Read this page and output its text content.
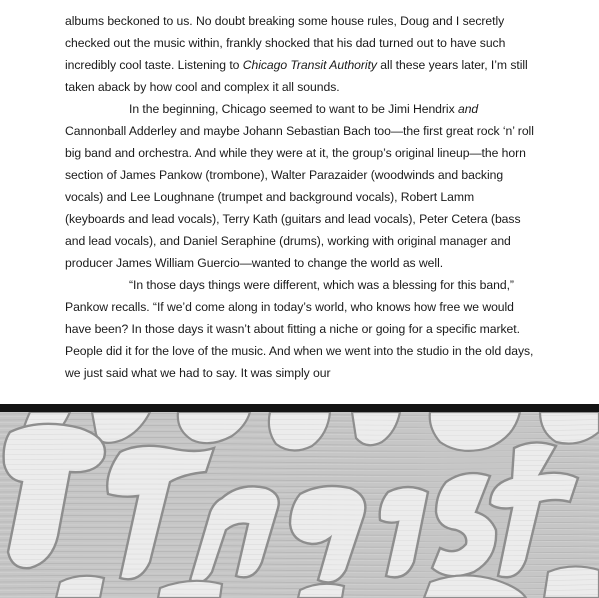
albums beckoned to us. No doubt breaking some house rules, Doug and I secretly checked out the music within, frankly shocked that his dad turned out to have such incredibly cool taste. Listening to Chicago Transit Authority all these years later, I’m still taken aback by how cool and complex it all sounds.

In the beginning, Chicago seemed to want to be Jimi Hendrix and Cannonball Adderley and maybe Johann Sebastian Bach too—the first great rock ‘n’ roll big band and orchestra. And while they were at it, the group’s original lineup—the horn section of James Pankow (trombone), Walter Parazaider (woodwinds and backing vocals) and Lee Loughnane (trumpet and background vocals), Robert Lamm (keyboards and lead vocals), Terry Kath (guitars and lead vocals), Peter Cetera (bass and lead vocals), and Daniel Seraphine (drums), working with original manager and producer James William Guercio—wanted to change the world as well.

“In those days things were different, which was a blessing for this band,” Pankow recalls. “If we’d come along in today’s world, who knows how free we would have been? In those days it wasn’t about fitting a niche or going for a specific market. People did it for the love of the music. And when we went into the studio in the old days, we just said what we had to say. It was simply our
